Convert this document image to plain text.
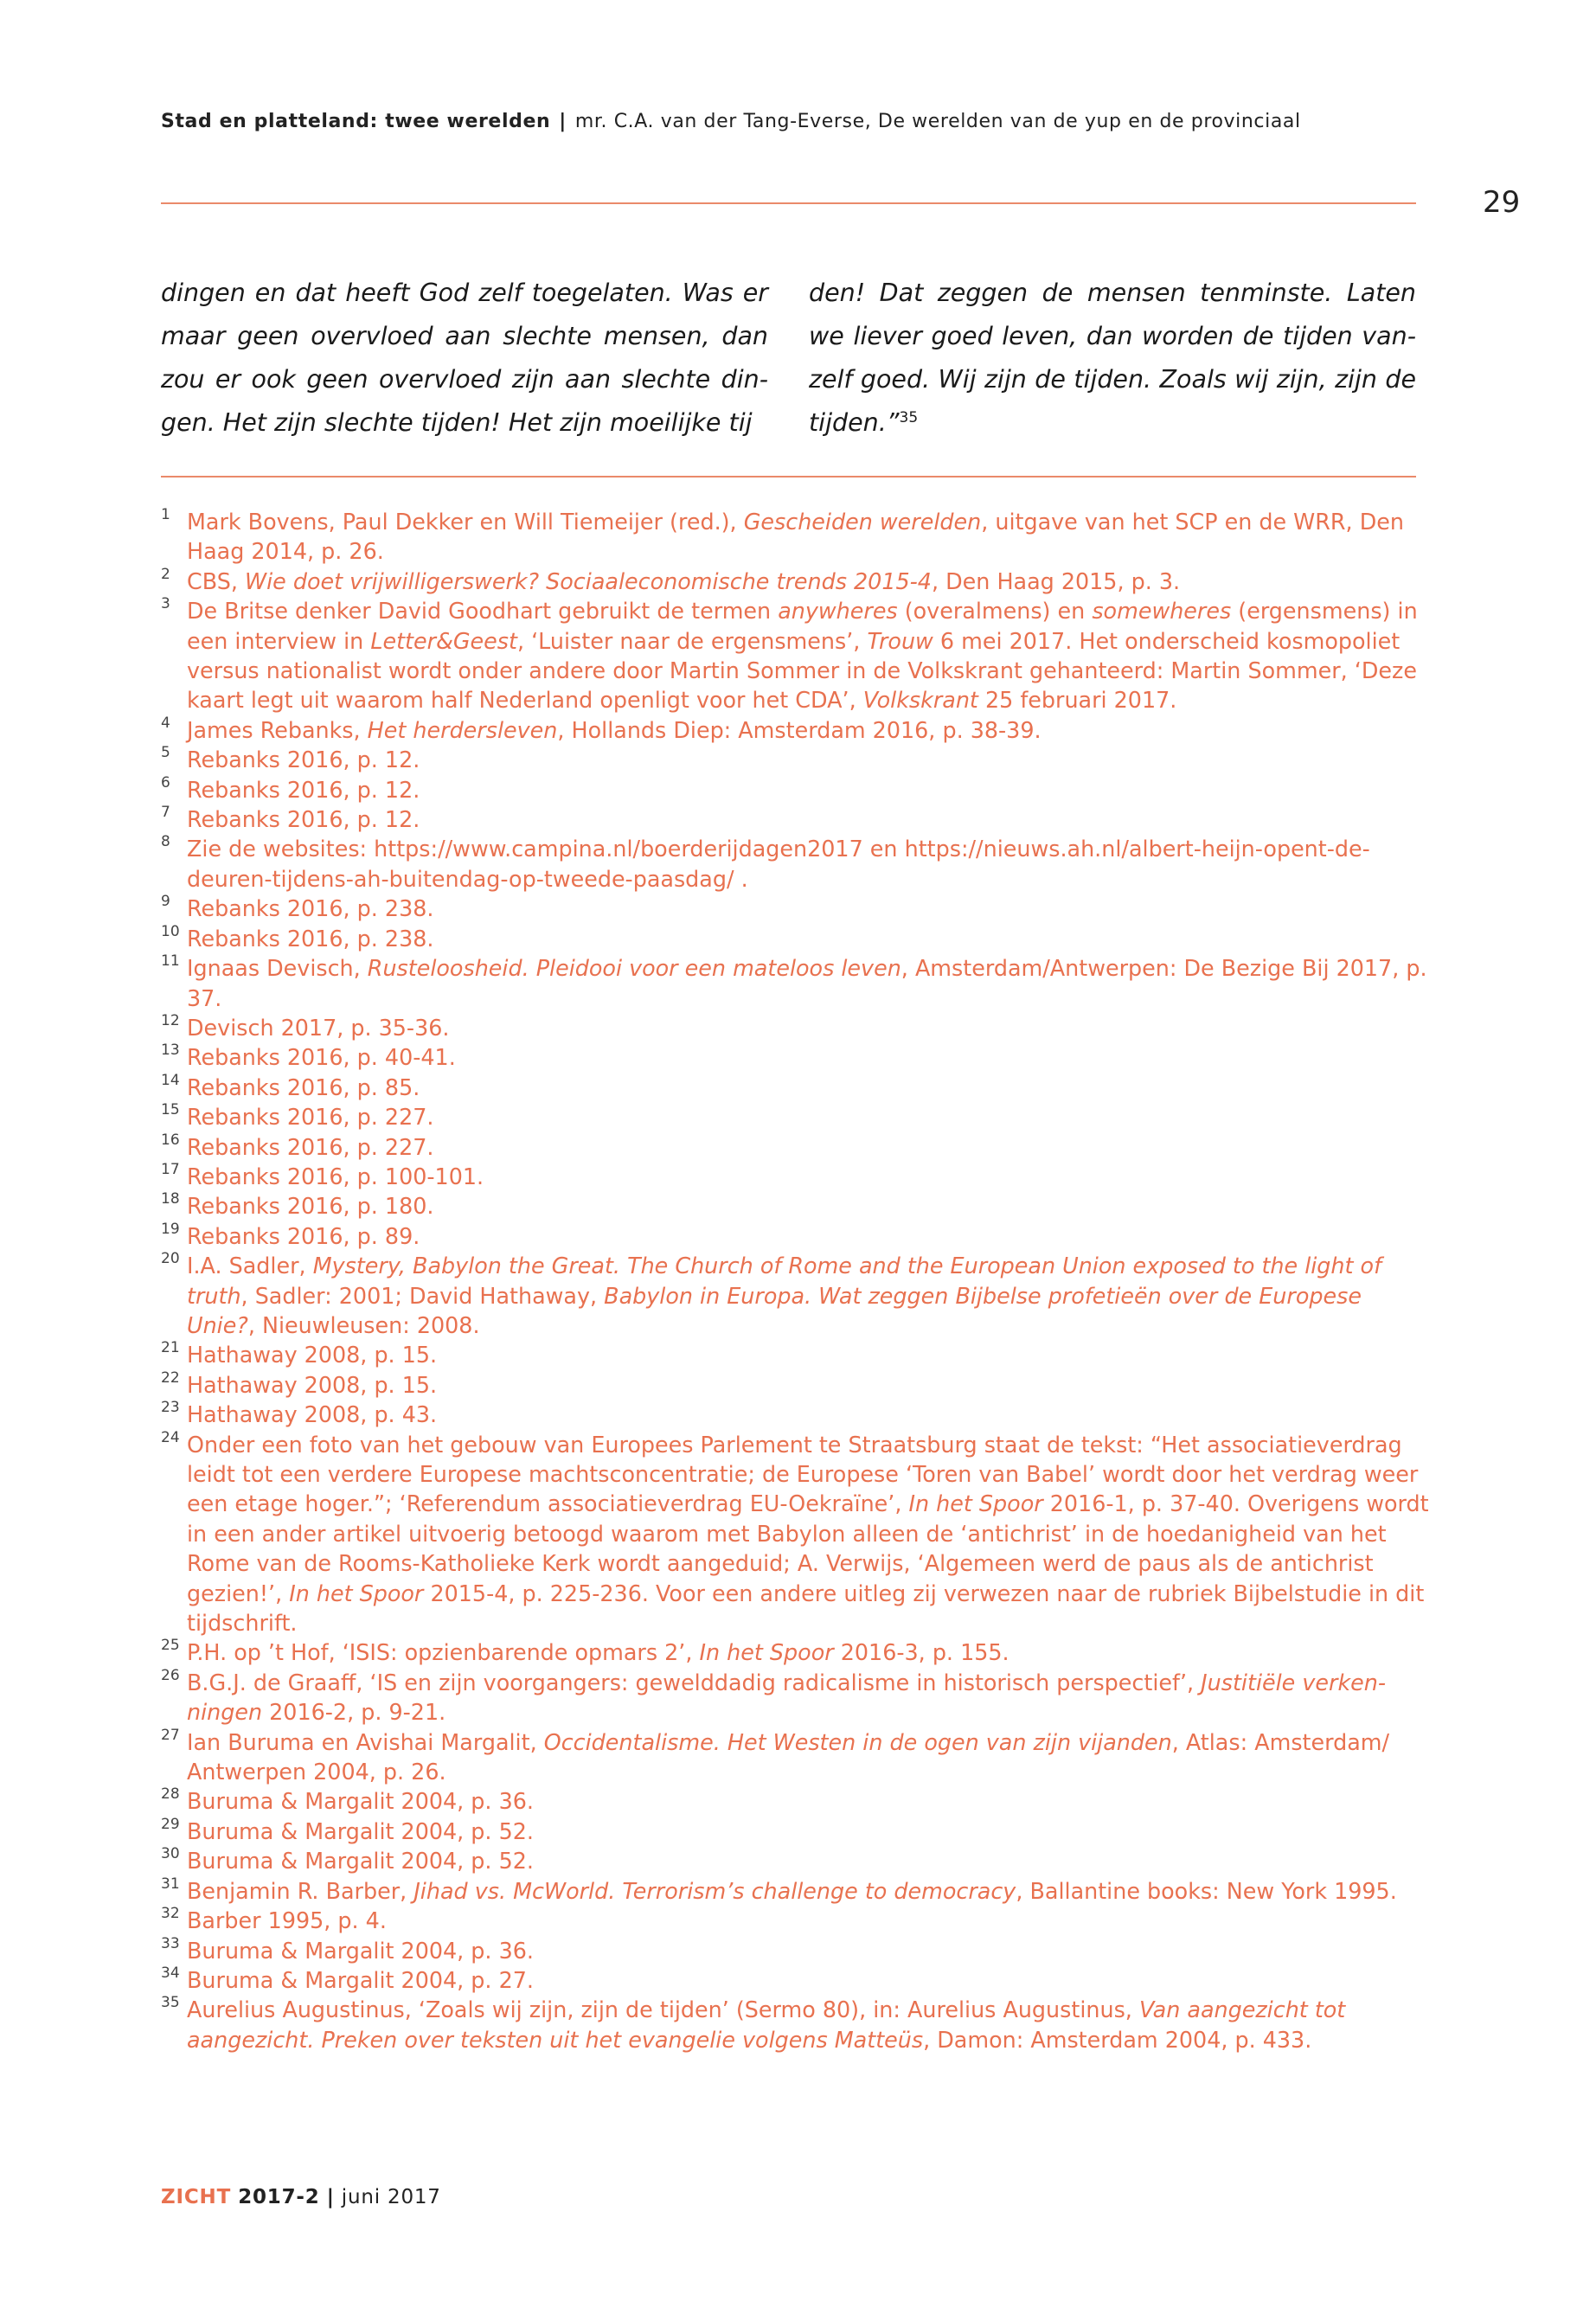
Stad en platteland: twee werelden | mr. C.A. van der Tang-Everse, De werelden van de yup en de provinciaal
29
dingen en dat heeft God zelf toegelaten. Was er maar geen overvloed aan slechte mensen, dan zou er ook geen overvloed zijn aan slechte dingen. Het zijn slechte tijden! Het zijn moeilijke tij
den! Dat zeggen de mensen tenminste. Laten we liever goed leven, dan worden de tijden vanzelf goed. Wij zijn de tijden. Zoals wij zijn, zijn de tijden.”$^{35}$
1 Mark Bovens, Paul Dekker en Will Tiemeijer (red.), Gescheiden werelden, uitgave van het SCP en de WRR, Den Haag 2014, p. 26.
2 CBS, Wie doet vrijwilligerswerk? Sociaaleconomische trends 2015-4, Den Haag 2015, p. 3.
3 De Britse denker David Goodhart gebruikt de termen anywheres (overalmens) en somewheres (ergensmens) in een interview in Letter&Geest, ‘Luister naar de ergensmens’, Trouw 6 mei 2017. Het onderscheid kosmopoliet versus nationalist wordt onder andere door Martin Sommer in de Volkskrant gehanteerd: Martin Sommer, ‘Deze kaart legt uit waarom half Nederland openligt voor het CDA’, Volkskrant 25 februari 2017.
4 James Rebanks, Het herdersleven, Hollands Diep: Amsterdam 2016, p. 38-39.
5 Rebanks 2016, p. 12.
6 Rebanks 2016, p. 12.
7 Rebanks 2016, p. 12.
8 Zie de websites: https://www.campina.nl/boerderijdagen2017 en https://nieuws.ah.nl/albert-heijn-opent-de-deuren-tijdens-ah-buitendag-op-tweede-paasdag/ .
9 Rebanks 2016, p. 238.
10 Rebanks 2016, p. 238.
11 Ignaas Devisch, Rusteloosheid. Pleidooi voor een mateloos leven, Amsterdam/Antwerpen: De Bezige Bij 2017, p. 37.
12 Devisch 2017, p. 35-36.
13 Rebanks 2016, p. 40-41.
14 Rebanks 2016, p. 85.
15 Rebanks 2016, p. 227.
16 Rebanks 2016, p. 227.
17 Rebanks 2016, p. 100-101.
18 Rebanks 2016, p. 180.
19 Rebanks 2016, p. 89.
20 I.A. Sadler, Mystery, Babylon the Great. The Church of Rome and the European Union exposed to the light of truth, Sadler: 2001; David Hathaway, Babylon in Europa. Wat zeggen Bijbelse profetieën over de Europese Unie?, Nieuwleusen: 2008.
21 Hathaway 2008, p. 15.
22 Hathaway 2008, p. 15.
23 Hathaway 2008, p. 43.
24 Onder een foto van het gebouw van Europees Parlement te Straatsburg staat de tekst: “Het associatieverdrag leidt tot een verdere Europese machtsconcentratie; de Europese ‘Toren van Babel’ wordt door het verdrag weer een etage hoger.”; ‘Referendum associatieverdrag EU-Oekraïne’, In het Spoor 2016-1, p. 37-40. Overigens wordt in een ander artikel uitvoerig betoogd waarom met Babylon alleen de ‘antichrist’ in de hoedanigheid van het Rome van de Rooms-Katholieke Kerk wordt aangeduid; A. Verwijs, ‘Algemeen werd de paus als de antichrist gezien!’, In het Spoor 2015-4, p. 225-236. Voor een andere uitleg zij verwezen naar de rubriek Bijbelstudie in dit tijdschrift.
25 P.H. op ’t Hof, ‘ISIS: opzienbarende opmars 2’, In het Spoor 2016-3, p. 155.
26 B.G.J. de Graaff, ‘IS en zijn voorgangers: gewelddadig radicalisme in historisch perspectief’, Justitiële verkenningen 2016-2, p. 9-21.
27 Ian Buruma en Avishai Margalit, Occidentalisme. Het Westen in de ogen van zijn vijanden, Atlas: Amsterdam/ Antwerpen 2004, p. 26.
28 Buruma & Margalit 2004, p. 36.
29 Buruma & Margalit 2004, p. 52.
30 Buruma & Margalit 2004, p. 52.
31 Benjamin R. Barber, Jihad vs. McWorld. Terrorism’s challenge to democracy, Ballantine books: New York 1995.
32 Barber 1995, p. 4.
33 Buruma & Margalit 2004, p. 36.
34 Buruma & Margalit 2004, p. 27.
35 Aurelius Augustinus, ‘Zoals wij zijn, zijn de tijden’ (Sermo 80), in: Aurelius Augustinus, Van aangezicht tot aangezicht. Preken over teksten uit het evangelie volgens Matteüs, Damon: Amsterdam 2004, p. 433.
ZICHT 2017-2 | juni 2017
